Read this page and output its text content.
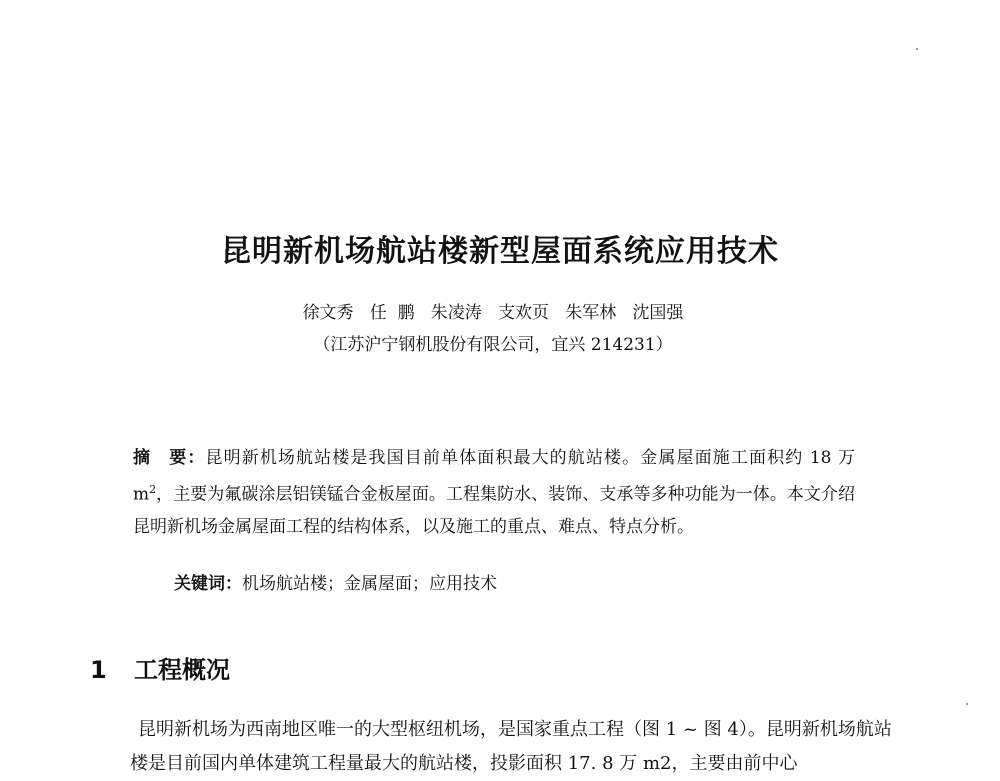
昆明新机场航站楼新型屋面系统应用技术
徐文秀   任  鹏   朱凌涛   支欢页   朱军林   沈国强
（江苏沪宁钢机股份有限公司，宜兴 214231）
摘　要：昆明新机场航站楼是我国目前单体面积最大的航站楼。金属屋面施工面积约 18 万 $m^2$，主要为氟碳涂层铝镁锰合金板屋面。工程集防水、装饰、支承等多种功能为一体。本文介绍昆明新机场金属屋面工程的结构体系，以及施工的重点、难点、特点分析。
关键词：机场航站楼；金属屋面；应用技术
1 工程概况
昆明新机场为西南地区唯一的大型枢纽机场，是国家重点工程（图 1 ~ 图 4）。昆明新机场航站楼是目前国内单体建筑工程量最大的航站楼，投影面积 17. 8 万 m2，主要由前中心
